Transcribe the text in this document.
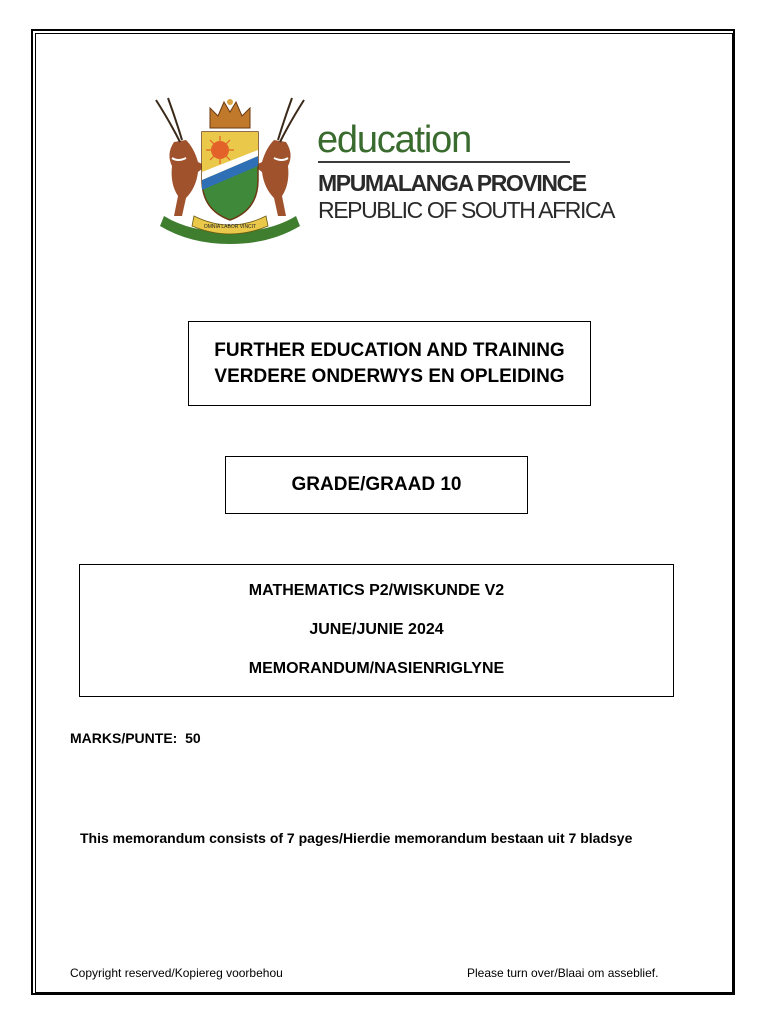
OMNIA LABOR VINCIT
education
MPUMALANGA PROVINCE
REPUBLIC OF SOUTH AFRICA
FURTHER EDUCATION AND TRAINING
VERDERE ONDERWYS EN OPLEIDING
GRADE/GRAAD 10
MATHEMATICS P2/WISKUNDE V2
JUNE/JUNIE 2024
MEMORANDUM/NASIENRIGLYNE
MARKS/PUNTE: 50
This memorandum consists of 7 pages/Hierdie memorandum bestaan uit 7 bladsye
Copyright reserved/Kopiereg voorbehou	Please turn over/Blaai om asseblief.
